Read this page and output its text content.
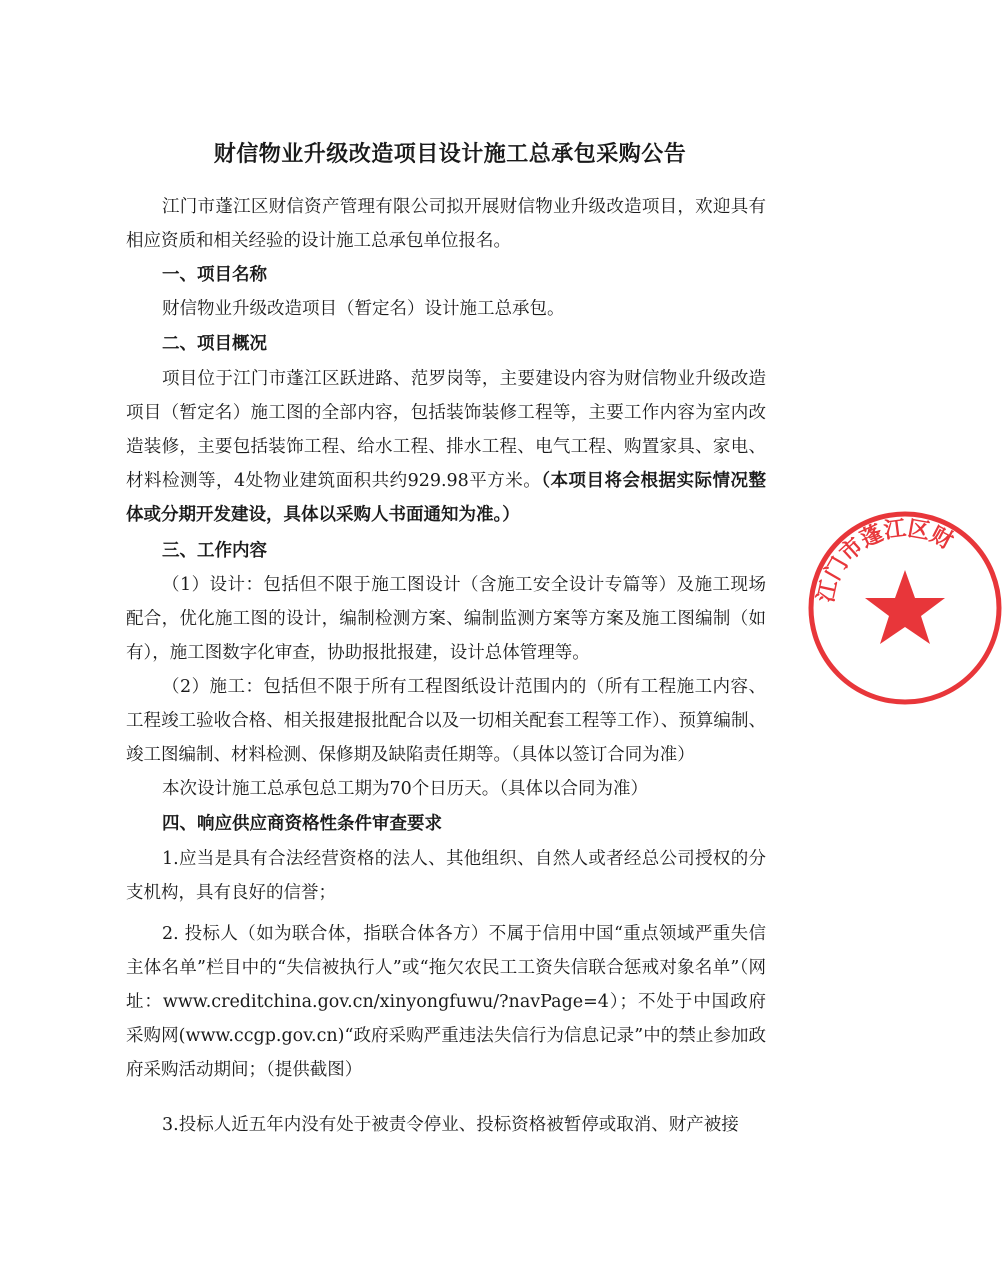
财信物业升级改造项目设计施工总承包采购公告
江门市蓬江区财信资产管理有限公司拟开展财信物业升级改造项目，欢迎具有相应资质和相关经验的设计施工总承包单位报名。
一、项目名称
财信物业升级改造项目（暂定名）设计施工总承包。
二、项目概况
项目位于江门市蓬江区跃进路、范罗岗等，主要建设内容为财信物业升级改造项目（暂定名）施工图的全部内容，包括装饰装修工程等，主要工作内容为室内改造装修，主要包括装饰工程、给水工程、排水工程、电气工程、购置家具、家电、材料检测等，4处物业建筑面积共约929.98平方米。（本项目将会根据实际情况整体或分期开发建设，具体以采购人书面通知为准。）
三、工作内容
（1）设计：包括但不限于施工图设计（含施工安全设计专篇等）及施工现场配合，优化施工图的设计，编制检测方案、编制监测方案等方案及施工图编制（如有），施工图数字化审查，协助报批报建，设计总体管理等。
（2）施工：包括但不限于所有工程图纸设计范围内的（所有工程施工内容、工程竣工验收合格、相关报建报批配合以及一切相关配套工程等工作）、预算编制、竣工图编制、材料检测、保修期及缺陷责任期等。（具体以签订合同为准）
本次设计施工总承包总工期为70个日历天。（具体以合同为准）
四、响应供应商资格性条件审查要求
1.应当是具有合法经营资格的法人、其他组织、自然人或者经总公司授权的分支机构，具有良好的信誉；
2. 投标人（如为联合体，指联合体各方）不属于信用中国“重点领域严重失信主体名单”栏目中的“失信被执行人”或“拖欠农民工工资失信联合惩戒对象名单”（网址：www.creditchina.gov.cn/xinyongfuwu/?navPage=4）；不处于中国政府采购网(www.ccgp.gov.cn)“政府采购严重违法失信行为信息记录”中的禁止参加政府采购活动期间；（提供截图）
3.投标人近五年内没有处于被责令停业、投标资格被暂停或取消、财产被接
江门市蓬江区财
